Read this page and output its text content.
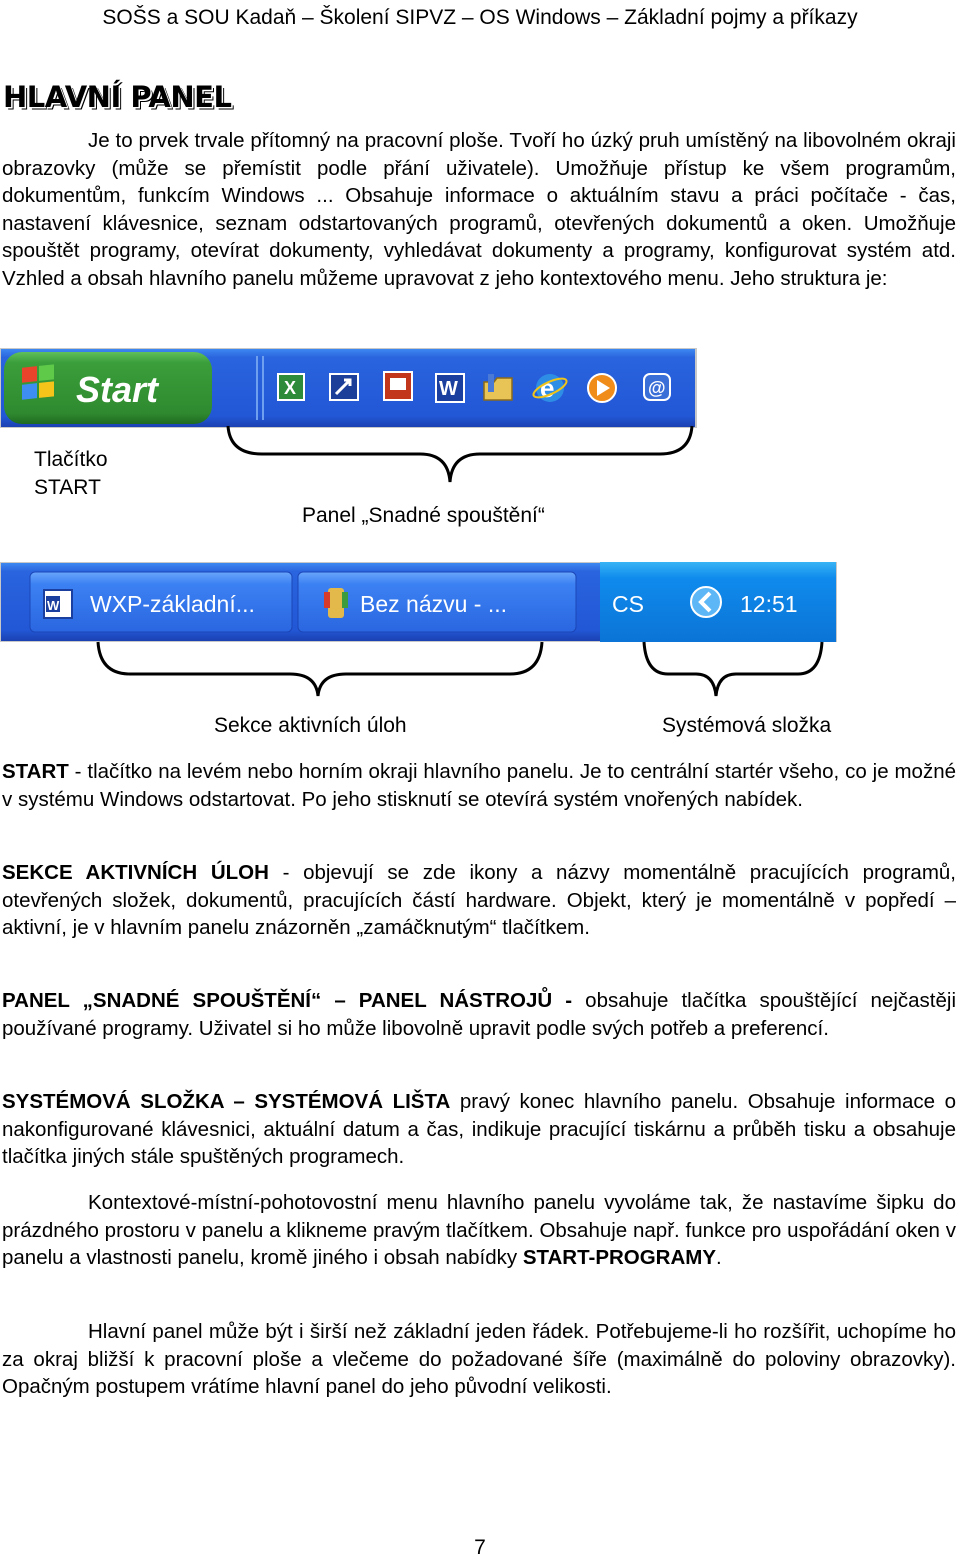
SOŠS a SOU Kadaň – Školení SIPVZ – OS Windows – Základní pojmy a příkazy
HLAVNÍ PANEL
Je to prvek trvale přítomný na pracovní ploše. Tvoří ho úzký pruh umístěný na libovolném okraji obrazovky (může se přemístit podle přání uživatele). Umožňuje přístup ke všem programům, dokumentům, funkcím Windows ... Obsahuje informace o aktuálním stavu a práci počítače - čas, nastavení klávesnice, seznam odstartovaných programů, otevřených dokumentů a oken. Umožňuje spouštět programy, otevírat dokumenty, vyhledávat dokumenty a programy, konfigurovat systém atd. Vzhled a obsah hlavního panelu můžeme upravovat z jeho kontextového menu. Jeho struktura je:
Start	X	W	e	@
Tlačítko
START
Panel „Snadné spouštění“
W WXP-základní...	Bez názvu - ...	CS	12:51
Sekce aktivních úloh	Systémová složka
START - tlačítko na levém nebo horním okraji hlavního panelu. Je to centrální startér všeho, co je možné v systému Windows odstartovat. Po jeho stisknutí se otevírá systém vnořených nabídek.
SEKCE AKTIVNÍCH ÚLOH - objevují se zde ikony a názvy momentálně pracujících programů, otevřených složek, dokumentů, pracujících částí hardware. Objekt, který je momentálně v popředí – aktivní, je v hlavním panelu znázorněn „zamáčknutým“ tlačítkem.
PANEL „SNADNÉ SPOUŠTĚNÍ“ – PANEL NÁSTROJŮ - obsahuje tlačítka spouštějící nejčastěji používané programy. Uživatel si ho může libovolně upravit podle svých potřeb a preferencí.
SYSTÉMOVÁ SLOŽKA – SYSTÉMOVÁ LIŠTA pravý konec hlavního panelu. Obsahuje informace o nakonfigurované klávesnici, aktuální datum a čas, indikuje pracující tiskárnu a průběh tisku a obsahuje tlačítka jiných stále spuštěných programech.
Kontextové-místní-pohotovostní menu hlavního panelu vyvoláme tak, že nastavíme šipku do prázdného prostoru v panelu a klikneme pravým tlačítkem. Obsahuje např. funkce pro uspořádání oken v panelu a vlastnosti panelu, kromě jiného i obsah nabídky START-PROGRAMY.
Hlavní panel může být i širší než základní jeden řádek. Potřebujeme-li ho rozšířit, uchopíme ho za okraj bližší k pracovní ploše a vlečeme do požadované šíře (maximálně do poloviny obrazovky). Opačným postupem vrátíme hlavní panel do jeho původní velikosti.
7
